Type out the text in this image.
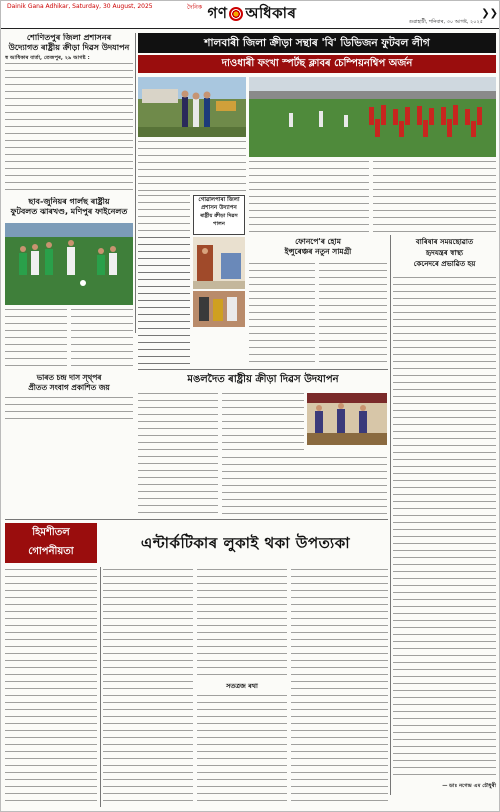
Dainik Gana Adhikar, Saturday, 30 August, 2025	দৈনিক গণ অধিকাৰ
গুৱাহাটী, শনিবাৰ, ৩০ আগষ্ট, ২০২৫
❯❯
শোণিতপুৰ জিলা প্ৰশাসনৰ
উদ্যোগত ৰাষ্ট্ৰীয় ক্ৰীড়া দিৱস উদযাপন
স্ব আধিকাৰ বাৰ্তা, তেজপুৰ, ২৯ আগষ্ট :
শালবাৰী জিলা ক্ৰীড়া সন্থাৰ 'বি' ডিভিজন ফুটবল লীগ
দাওধাৰী ফংখা স্পৰ্টছ ক্লাবৰ চেম্পিয়নশ্বিপ অৰ্জন
গোৱালপাৰা জিলা
প্ৰশাসন উদ্যাপন
ৰাষ্ট্ৰীয় ক্ৰীড়া দিৱস পালন
ছাব-জুনিয়ৰ গাৰ্লছ ৰাষ্ট্ৰীয়
ফুটবলত ঝাৰখণ্ড, মণিপুৰ ফাইনেলত
ভাৰত চন্দ্ৰ দাস স্থ্‌পৰ
প্ৰীতত সংবাগ প্ৰকাশিত জয়
ফোনপে'ৰ হোম
ইন্সুৰেঞ্চৰ নতুন সামগ্ৰী
বাৰিষাৰ সময়ছোৱাত
হৃদযন্ত্ৰৰ স্বাস্থ্য
কেনেদৰে প্ৰভাৱিত হয়
— ডাঃ নগেন্দ্ৰ এম চৌধুৰী
মঙলদৈত ৰাষ্ট্ৰীয় ক্ৰীড়া দিৱস উদযাপন
হিমশীতল
গোপনীয়তা	এন্টাৰ্কটিকাৰ লুকাই থকা উপত্যকা
সতত্ৰজ ৰথা
